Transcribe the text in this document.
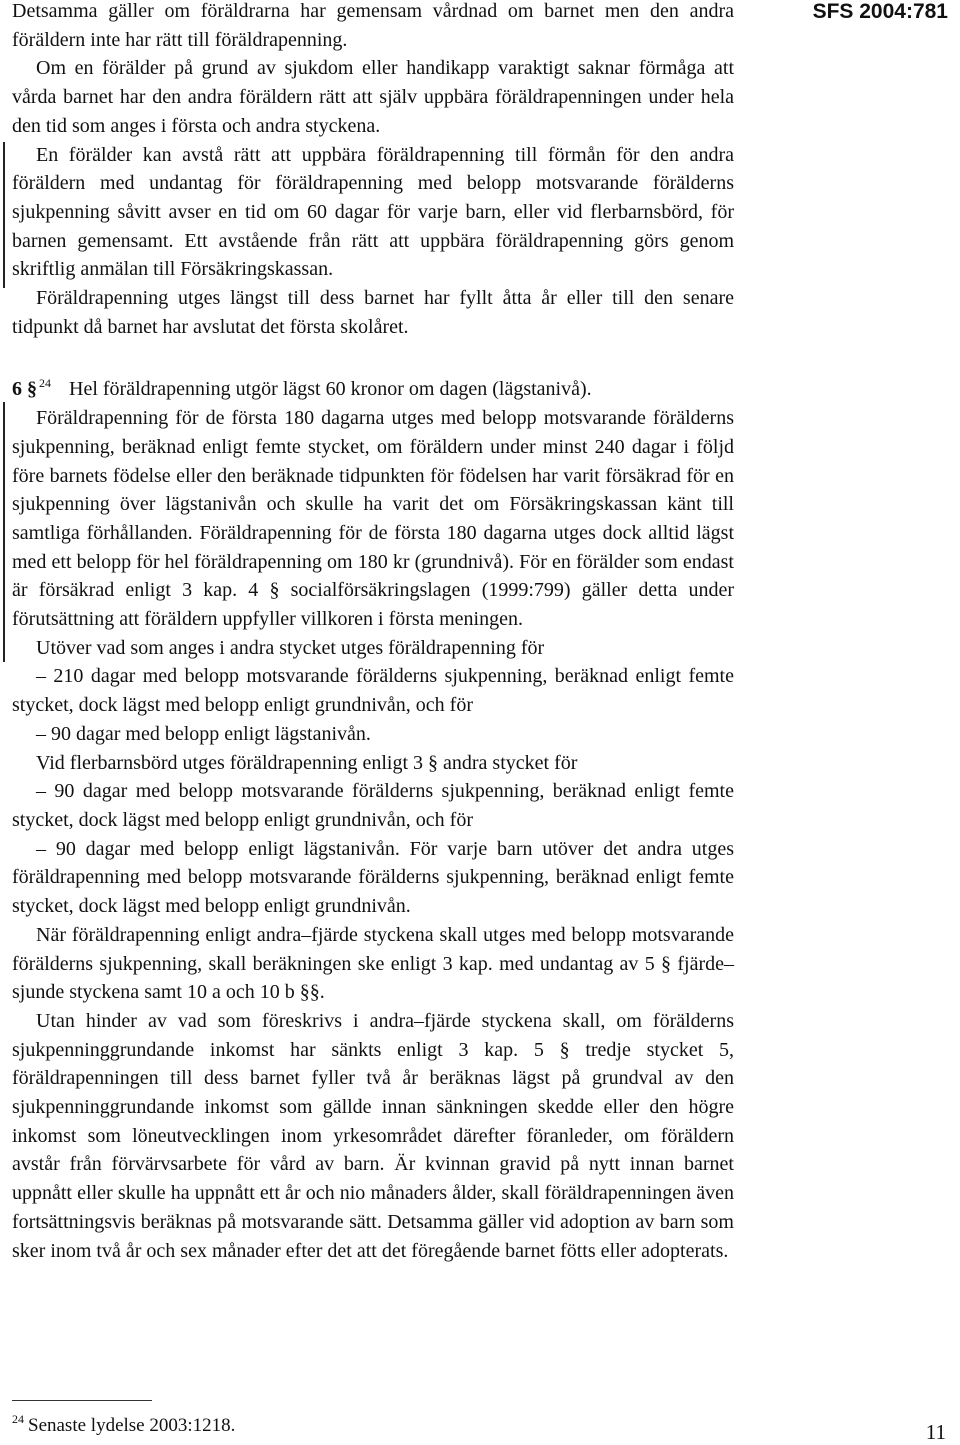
SFS 2004:781

Detsamma gäller om föräldrarna har gemensam vårdnad om barnet men den andra föräldern inte har rätt till föräldrapenning.

Om en förälder på grund av sjukdom eller handikapp varaktigt saknar förmåga att vårda barnet har den andra föräldern rätt att själv uppbära föräldrapenningen under hela den tid som anges i första och andra styckena.

En förälder kan avstå rätt att uppbära föräldrapenning till förmån för den andra föräldern med undantag för föräldrapenning med belopp motsvarande förälderns sjukpenning såvitt avser en tid om 60 dagar för varje barn, eller vid flerbarnsbörd, för barnen gemensamt. Ett avstående från rätt att uppbära föräldrapenning görs genom skriftlig anmälan till Försäkringskassan.

Föräldrapenning utges längst till dess barnet har fyllt åtta år eller till den senare tidpunkt då barnet har avslutat det första skolåret.

6 § $^{24}$ Hel föräldrapenning utgör lägst 60 kronor om dagen (lägstanivå).

Föräldrapenning för de första 180 dagarna utges med belopp motsvarande förälderns sjukpenning, beräknad enligt femte stycket, om föräldern under minst 240 dagar i följd före barnets födelse eller den beräknade tidpunkten för födelsen har varit försäkrad för en sjukpenning över lägstanivån och skulle ha varit det om Försäkringskassan känt till samtliga förhållanden. Föräldrapenning för de första 180 dagarna utges dock alltid lägst med ett belopp för hel föräldrapenning om 180 kr (grundnivå). För en förälder som endast är försäkrad enligt 3 kap. 4 § socialförsäkringslagen (1999:799) gäller detta under förutsättning att föräldern uppfyller villkoren i första meningen.

Utöver vad som anges i andra stycket utges föräldrapenning för

– 210 dagar med belopp motsvarande förälderns sjukpenning, beräknad enligt femte stycket, dock lägst med belopp enligt grundnivån, och för

– 90 dagar med belopp enligt lägstanivån.

Vid flerbarnsbörd utges föräldrapenning enligt 3 § andra stycket för

– 90 dagar med belopp motsvarande förälderns sjukpenning, beräknad enligt femte stycket, dock lägst med belopp enligt grundnivån, och för

– 90 dagar med belopp enligt lägstanivån. För varje barn utöver det andra utges föräldrapenning med belopp motsvarande förälderns sjukpenning, beräknad enligt femte stycket, dock lägst med belopp enligt grundnivån.

När föräldrapenning enligt andra–fjärde styckena skall utges med belopp motsvarande förälderns sjukpenning, skall beräkningen ske enligt 3 kap. med undantag av 5 § fjärde–sjunde styckena samt 10 a och 10 b §§.

Utan hinder av vad som föreskrivs i andra–fjärde styckena skall, om förälderns sjukpenninggrundande inkomst har sänkts enligt 3 kap. 5 § tredje stycket 5, föräldrapenningen till dess barnet fyller två år beräknas lägst på grundval av den sjukpenninggrundande inkomst som gällde innan sänkningen skedde eller den högre inkomst som löneutvecklingen inom yrkesområdet därefter föranleder, om föräldern avstår från förvärvsarbete för vård av barn. Är kvinnan gravid på nytt innan barnet uppnått eller skulle ha uppnått ett år och nio månaders ålder, skall föräldrapenningen även fortsättningsvis beräknas på motsvarande sätt. Detsamma gäller vid adoption av barn som sker inom två år och sex månader efter det att det föregående barnet fötts eller adopterats.

$^{24}$ Senaste lydelse 2003:1218.	11
